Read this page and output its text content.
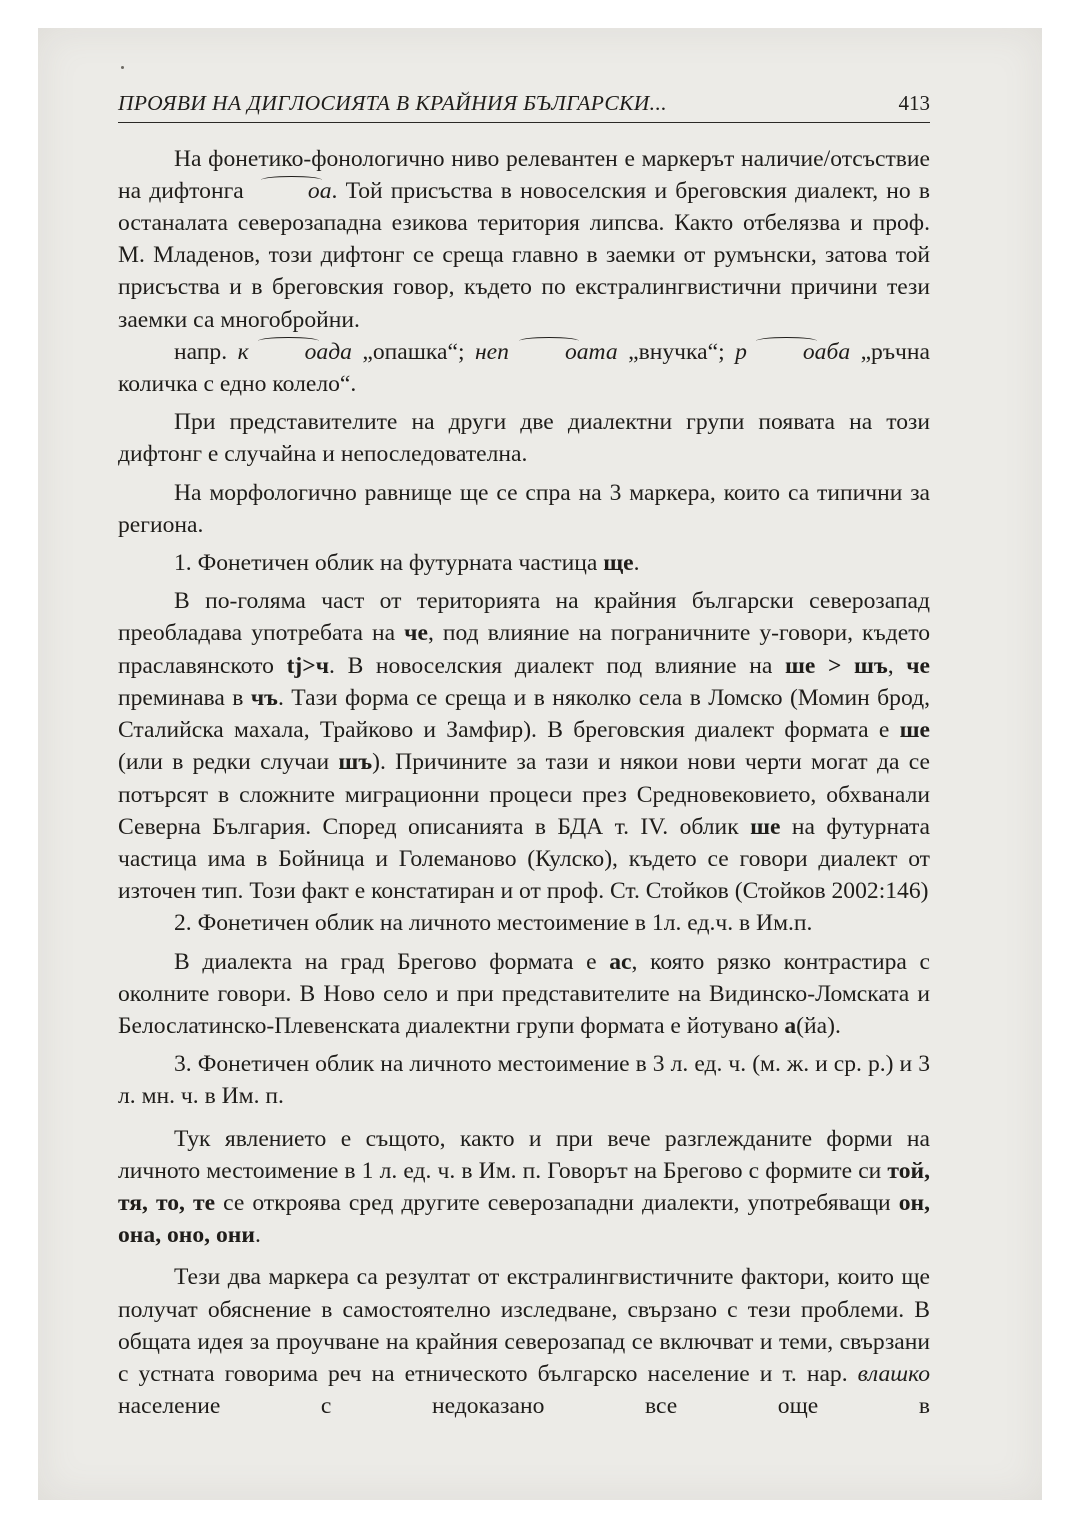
ПРОЯВИ НА ДИГЛОСИЯТА В КРАЙНИЯ БЪЛГАРСКИ...	413

На фонетико-фонологично ниво релевантен е маркерът наличие/отсъствие на дифтонга оа. Той присъства в новоселския и бреговския диалект, но в останалата северозападна езикова територия липсва. Както отбелязва и проф. М. Младенов, този дифтонг се среща главно в заемки от румънски, затова той присъства и в бреговския говор, където по екстралингвистични причини тези заемки са многобройни.

напр. к оада „опашка“; неп оата „внучка“; р оаба „ръчна количка с едно колело“.

При представителите на други две диалектни групи появата на този дифтонг е случайна и непоследователна.

На морфологично равнище ще се спра на 3 маркера, които са типични за региона.

1. Фонетичен облик на футурната частица ще.

В по-голяма част от територията на крайния български северозапад преобладава употребата на че, под влияние на пограничните у-говори, където праславянското tj>ч. В новоселския диалект под влияние на ше > шъ, че преминава в чъ. Тази форма се среща и в няколко села в Ломско (Момин брод, Сталийска махала, Трайково и Замфир). В бреговския диалект формата е ше (или в редки случаи шъ). Причините за тази и някои нови черти могат да се потърсят в сложните миграционни процеси през Средновековието, обхванали Северна България. Според описанията в БДА т. IV. облик ше на футурната частица има в Бойница и Големаново (Кулско), където се говори диалект от източен тип. Този факт е констатиран и от проф. Ст. Стойков (Стойков 2002:146)

2. Фонетичен облик на личното местоимение в 1л. ед.ч. в Им.п.

В диалекта на град Брегово формата е ас, която рязко контрастира с околните говори. В Ново село и при представителите на Видинско-Ломската и Белослатинско-Плевенската диалектни групи формата е йотувано а(йа).

3. Фонетичен облик на личното местоимение в 3 л. ед. ч. (м. ж. и ср. р.) и 3 л. мн. ч. в Им. п.

Тук явлението е същото, както и при вече разглежданите форми на личното местоимение в 1 л. ед. ч. в Им. п. Говорът на Брегово с формите си той, тя, то, те се откроява сред другите северозападни диалекти, употребяващи он, она, оно, они.

Тези два маркера са резултат от екстралингвистичните фактори, които ще получат обяснение в самостоятелно изследване, свързано с тези проблеми. В общата идея за проучване на крайния северозапад се включват и теми, свързани с устната говорима реч на етническото българско население и т. нар. влашко население с недоказано все още в
